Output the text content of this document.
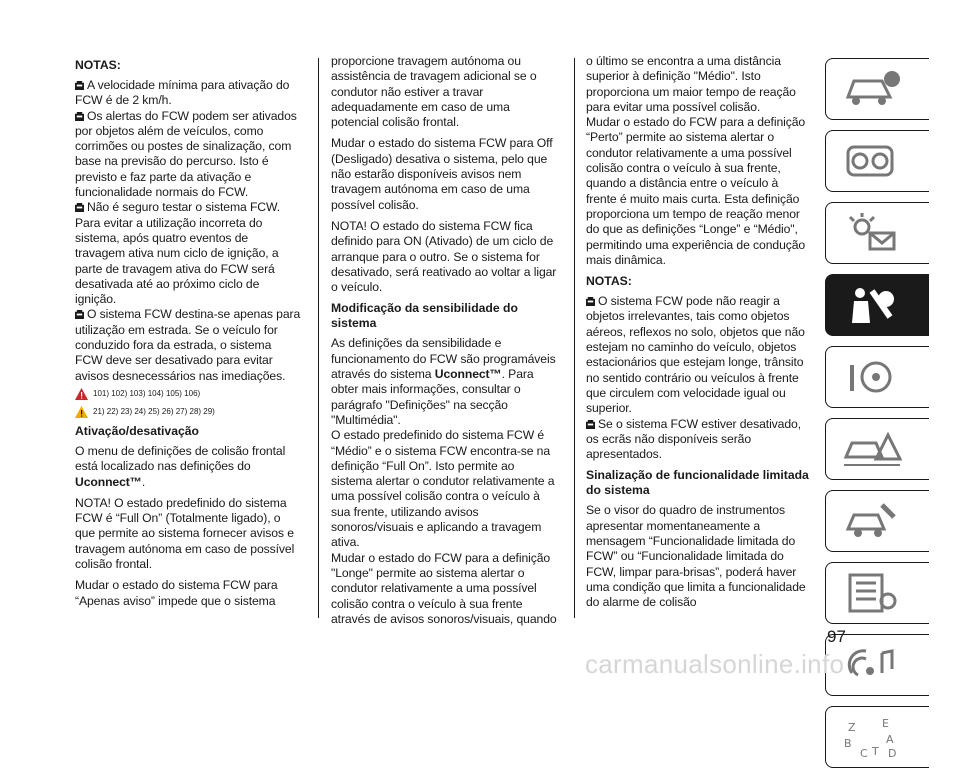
NOTAS:

A velocidade mínima para ativação do FCW é de 2 km/h.

Os alertas do FCW podem ser ativados por objetos além de veículos, como corrimões ou postes de sinalização, com base na previsão do percurso. Isto é previsto e faz parte da ativação e funcionalidade normais do FCW.

Não é seguro testar o sistema FCW. Para evitar a utilização incorreta do sistema, após quatro eventos de travagem ativa num ciclo de ignição, a parte de travagem ativa do FCW será desativada até ao próximo ciclo de ignição.

O sistema FCW destina-se apenas para utilização em estrada. Se o veículo for conduzido fora da estrada, o sistema FCW deve ser desativado para evitar avisos desnecessários nas imediações.

101) 102) 103) 104) 105) 106)
21) 22) 23) 24) 25) 26) 27) 28) 29)
Ativação/desativação

O menu de definições de colisão frontal está localizado nas definições do Uconnect™.

NOTA! O estado predefinido do sistema FCW é “Full On” (Totalmente ligado), o que permite ao sistema fornecer avisos e travagem autónoma em caso de possível colisão frontal.

Mudar o estado do sistema FCW para “Apenas aviso” impede que o sistema

proporcione travagem autónoma ou assistência de travagem adicional se o condutor não estiver a travar adequadamente em caso de uma potencial colisão frontal.

Mudar o estado do sistema FCW para Off (Desligado) desativa o sistema, pelo que não estarão disponíveis avisos nem travagem autónoma em caso de uma possível colisão.

NOTA! O estado do sistema FCW fica definido para ON (Ativado) de um ciclo de arranque para o outro. Se o sistema for desativado, será reativado ao voltar a ligar o veículo.

Modificação da sensibilidade do sistema

As definições da sensibilidade e funcionamento do FCW são programáveis através do sistema Uconnect™. Para obter mais informações, consultar o parágrafo "Definições" na secção "Multimédia".

O estado predefinido do sistema FCW é “Médio” e o sistema FCW encontra-se na definição “Full On”. Isto permite ao sistema alertar o condutor relativamente a uma possível colisão contra o veículo à sua frente, utilizando avisos sonoros/visuais e aplicando a travagem ativa.

Mudar o estado do FCW para a definição "Longe" permite ao sistema alertar o condutor relativamente a uma possível colisão contra o veículo à sua frente através de avisos sonoros/visuais, quando

o último se encontra a uma distância superior à definição "Médio". Isto proporciona um maior tempo de reação para evitar uma possível colisão.

Mudar o estado do FCW para a definição “Perto” permite ao sistema alertar o condutor relativamente a uma possível colisão contra o veículo à sua frente, quando a distância entre o veículo à frente é muito mais curta. Esta definição proporciona um tempo de reação menor do que as definições “Longe” e “Médio", permitindo uma experiência de condução mais dinâmica.

NOTAS:

O sistema FCW pode não reagir a objetos irrelevantes, tais como objetos aéreos, reflexos no solo, objetos que não estejam no caminho do veículo, objetos estacionários que estejam longe, trânsito no sentido contrário ou veículos à frente que circulem com velocidade igual ou superior.

Se o sistema FCW estiver desativado, os ecrãs não disponíveis serão apresentados.

Sinalização de funcionalidade limitada do sistema

Se o visor do quadro de instrumentos apresentar momentaneamente a mensagem “Funcionalidade limitada do FCW” ou “Funcionalidade limitada do FCW, limpar para-brisas”, poderá haver uma condição que limita a funcionalidade do alarme de colisão

Z E
B	A
C T D
97
carmanualsonline.info
